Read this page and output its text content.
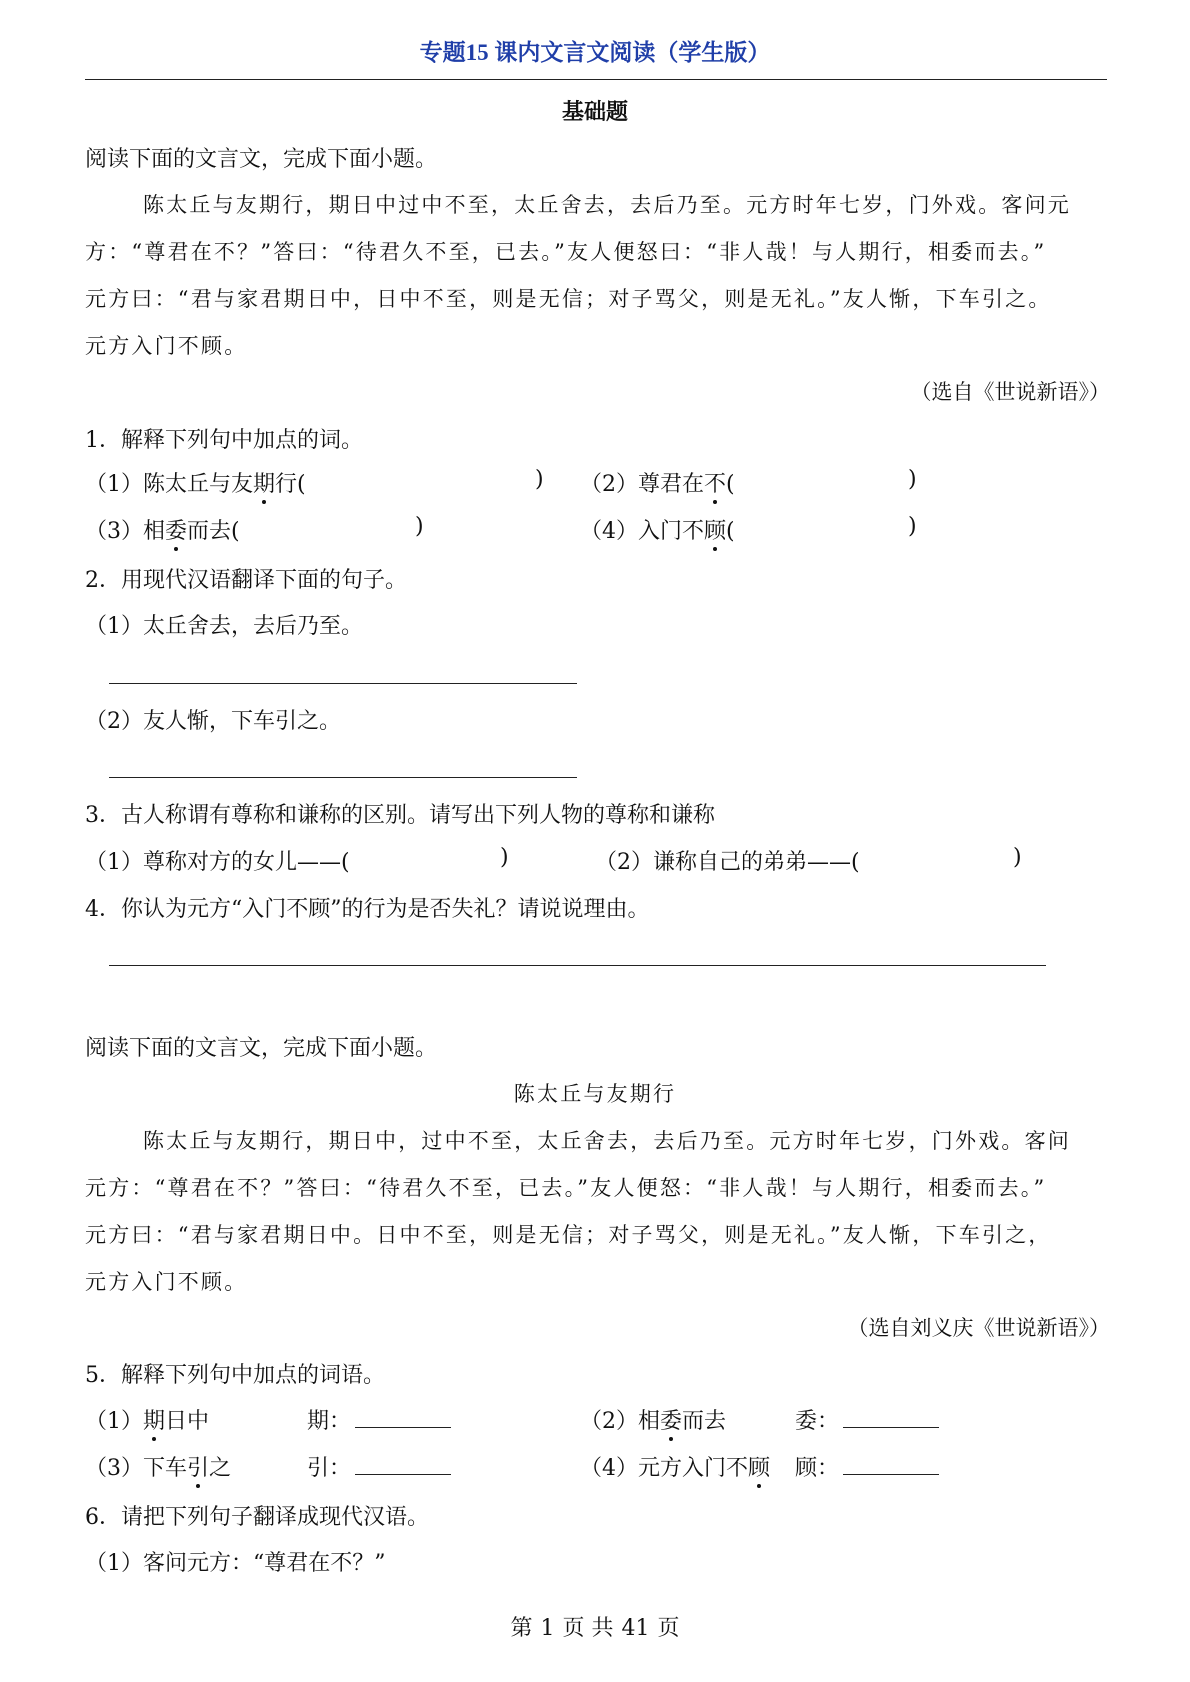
专题15 课内文言文阅读（学生版）
基础题
阅读下面的文言文，完成下面小题。
陈太丘与友期行，期日中过中不至，太丘舍去，去后乃至。元方时年七岁，门外戏。客问元
方：“尊君在不？”答曰：“待君久不至，已去。”友人便怒曰：“非人哉！与人期行，相委而去。”
元方曰：“君与家君期日中，日中不至，则是无信；对子骂父，则是无礼。”友人惭，下车引之。
元方入门不顾。
（选自《世说新语》）
1．解释下列句中加点的词。
（1）陈太丘与友期行(	) （2）尊君在不(	)
（3）相委而去(	)	（4）入门不顾(	)
2．用现代汉语翻译下面的句子。
（1）太丘舍去，去后乃至。
（2）友人惭，下车引之。
3．古人称谓有尊称和谦称的区别。请写出下列人物的尊称和谦称
（1）尊称对方的女儿——(	)	（2）谦称自己的弟弟——(	)
4．你认为元方“入门不顾”的行为是否失礼？请说说理由。
阅读下面的文言文，完成下面小题。
陈太丘与友期行
陈太丘与友期行，期日中，过中不至，太丘舍去，去后乃至。元方时年七岁，门外戏。客问
元方：“尊君在不？”答曰：“待君久不至，已去。”友人便怒：“非人哉！与人期行，相委而去。”
元方曰：“君与家君期日中。日中不至，则是无信；对子骂父，则是无礼。”友人惭，下车引之，
元方入门不顾。
（选自刘义庆《世说新语》）
5．解释下列句中加点的词语。
（1）期日中	期：	（2）相委而去	委：
（3）下车引之	引：	（4）元方入门不顾 顾：
6．请把下列句子翻译成现代汉语。
（1）客问元方：“尊君在不？”
第 1 页 共 41 页
